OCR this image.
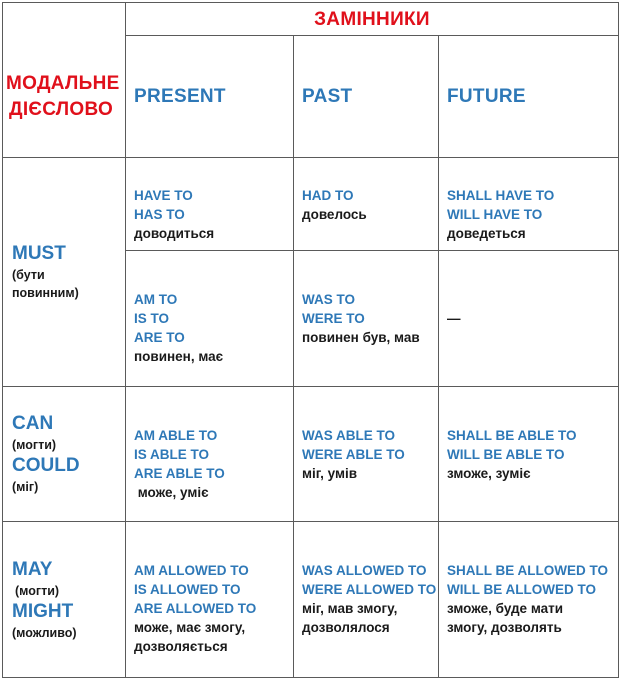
ЗАМІННИКИ
МОДАЛЬНЕ
ДІЄСЛОВО
PRESENT	PAST	FUTURE
MUST
(бути
повинним)
HAVE TO
HAS TO
доводиться
HAD TO
довелось
SHALL HAVE TO
WILL HAVE TO
доведеться
AM TO
IS TO
ARE TO
повинен, має
WAS TO
WERE TO
повинен був, мав
—
CAN
(могти)
COULD
(міг)
AM ABLE TO
IS ABLE TO
ARE ABLE TO
може, уміє
WAS ABLE TO
WERE ABLE TO
міг, умів
SHALL BE ABLE TO
WILL BE ABLE TO
зможе, зуміє
MAY
(могти)
MIGHT
(можливо)
AM ALLOWED TO
IS ALLOWED TO
ARE ALLOWED TO
може, має змогу,
дозволяється
WAS ALLOWED TO
WERE ALLOWED TO
міг, мав змогу,
дозволялося
SHALL BE ALLOWED TO
WILL BE ALLOWED TO
зможе, буде мати
змогу, дозволять
